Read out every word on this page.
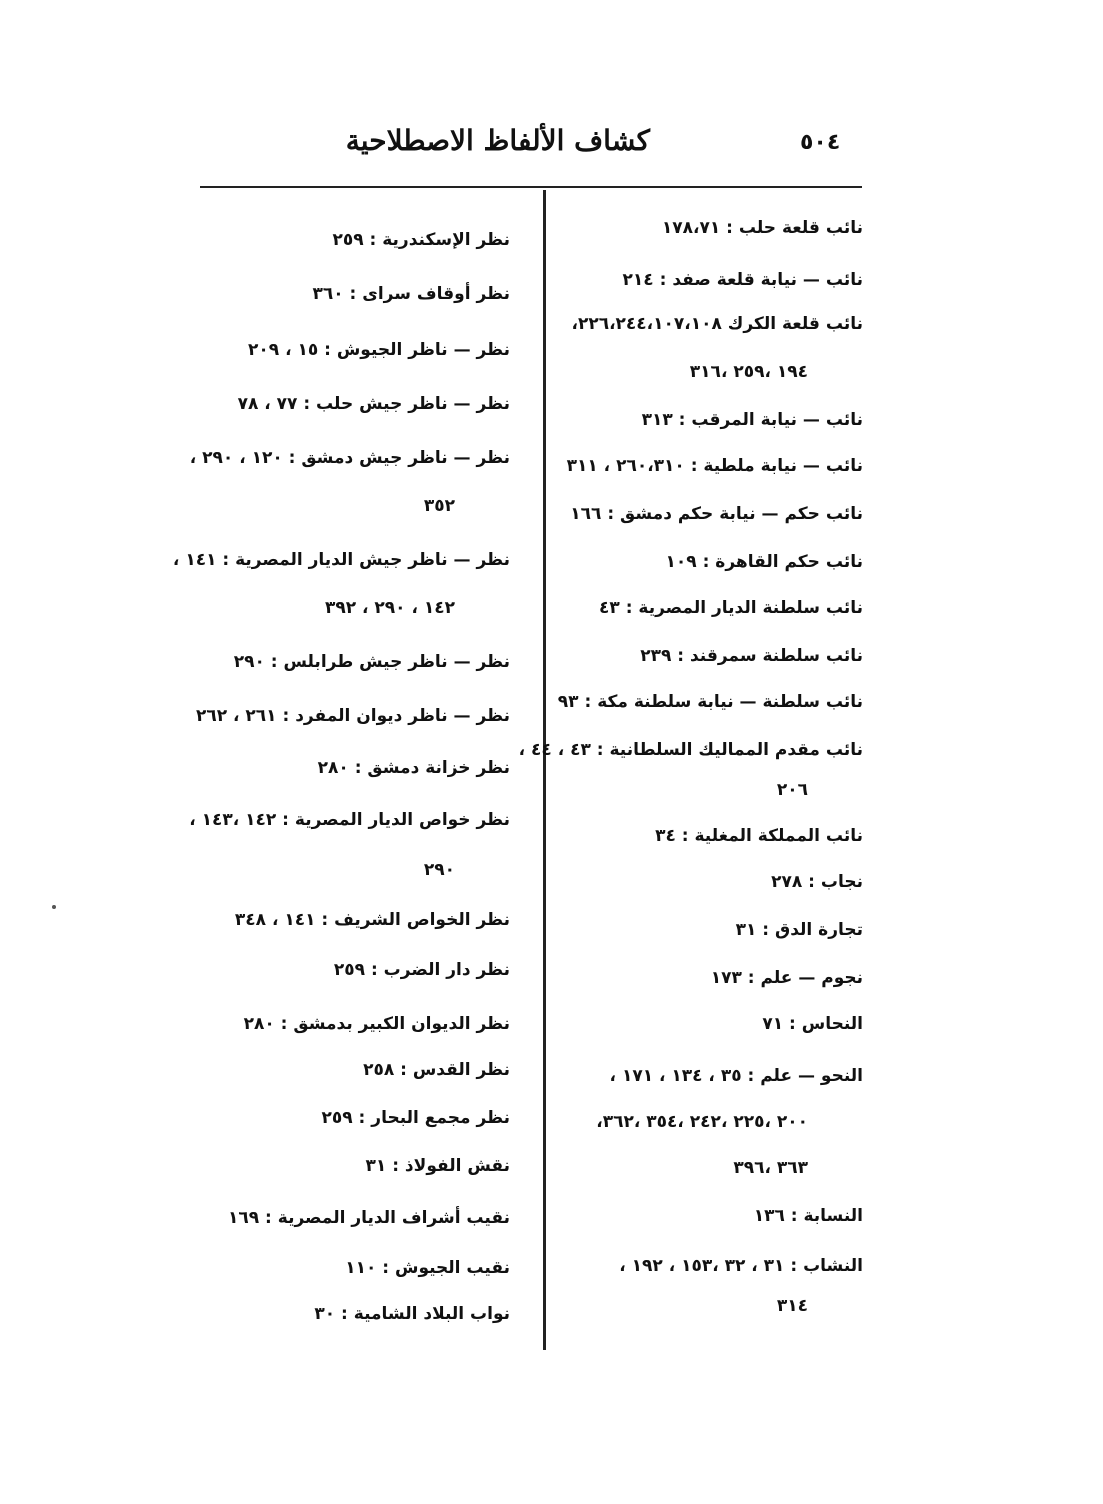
٥٠٤
كشاف الألفاظ الاصطلاحية
نائب قلعة حلب : ١٧٨،٧١
نائب — نيابة قلعة صفد : ٢١٤
نائب قلعة الكرك ٢٢٦،٢٤٤،١٠٧،١٠٨،
١٩٤ ،٢٥٩ ،٣١٦
نائب — نيابة المرقب : ٣١٣
نائب — نيابة ملطية : ٢٦٠،٣١٠ ، ٣١١
نائب حكم — نيابة حكم دمشق : ١٦٦
نائب حكم القاهرة : ١٠٩
نائب سلطنة الديار المصرية : ٤٣
نائب سلطنة سمرقند : ٢٣٩
نائب سلطنة — نيابة سلطنة مكة : ٩٣
نائب مقدم المماليك السلطانية : ٤٣ ، ٤٤ ،
٢٠٦
نائب المملكة المغلية : ٣٤
نجاب : ٢٧٨
تجارة الدق : ٣١
نجوم — علم : ١٧٣
النحاس : ٧١
النحو — علم : ٣٥ ، ١٣٤ ، ١٧١ ،
٢٠٠ ،٢٢٥ ،٢٤٢ ،٣٥٤ ،٣٦٢،
٣٦٣ ،٣٩٦
النسابة : ١٣٦
النشاب : ٣١ ، ٣٢ ،١٥٣ ، ١٩٢ ،
٣١٤
نظر الإسكندرية : ٢٥٩
نظر أوقاف سراى : ٣٦٠
نظر — ناظر الجيوش : ١٥ ، ٢٠٩
نظر — ناظر جيش حلب : ٧٧ ، ٧٨
نظر — ناظر جيش دمشق : ١٢٠ ، ٢٩٠ ،
٣٥٢
نظر — ناظر جيش الديار المصرية : ١٤١ ،
١٤٢ ، ٢٩٠ ، ٣٩٢
نظر — ناظر جيش طرابلس : ٢٩٠
نظر — ناظر ديوان المفرد : ٢٦١ ، ٢٦٢
نظر خزانة دمشق : ٢٨٠
نظر خواص الديار المصرية : ١٤٢ ،١٤٣ ،
٢٩٠
نظر الخواص الشريف : ١٤١ ، ٣٤٨
نظر دار الضرب : ٢٥٩
نظر الديوان الكبير بدمشق : ٢٨٠
نظر القدس : ٢٥٨
نظر مجمع البحار : ٢٥٩
نقش الفولاذ : ٣١
نقيب أشراف الديار المصرية : ١٦٩
نقيب الجيوش : ١١٠
نواب البلاد الشامية : ٣٠
